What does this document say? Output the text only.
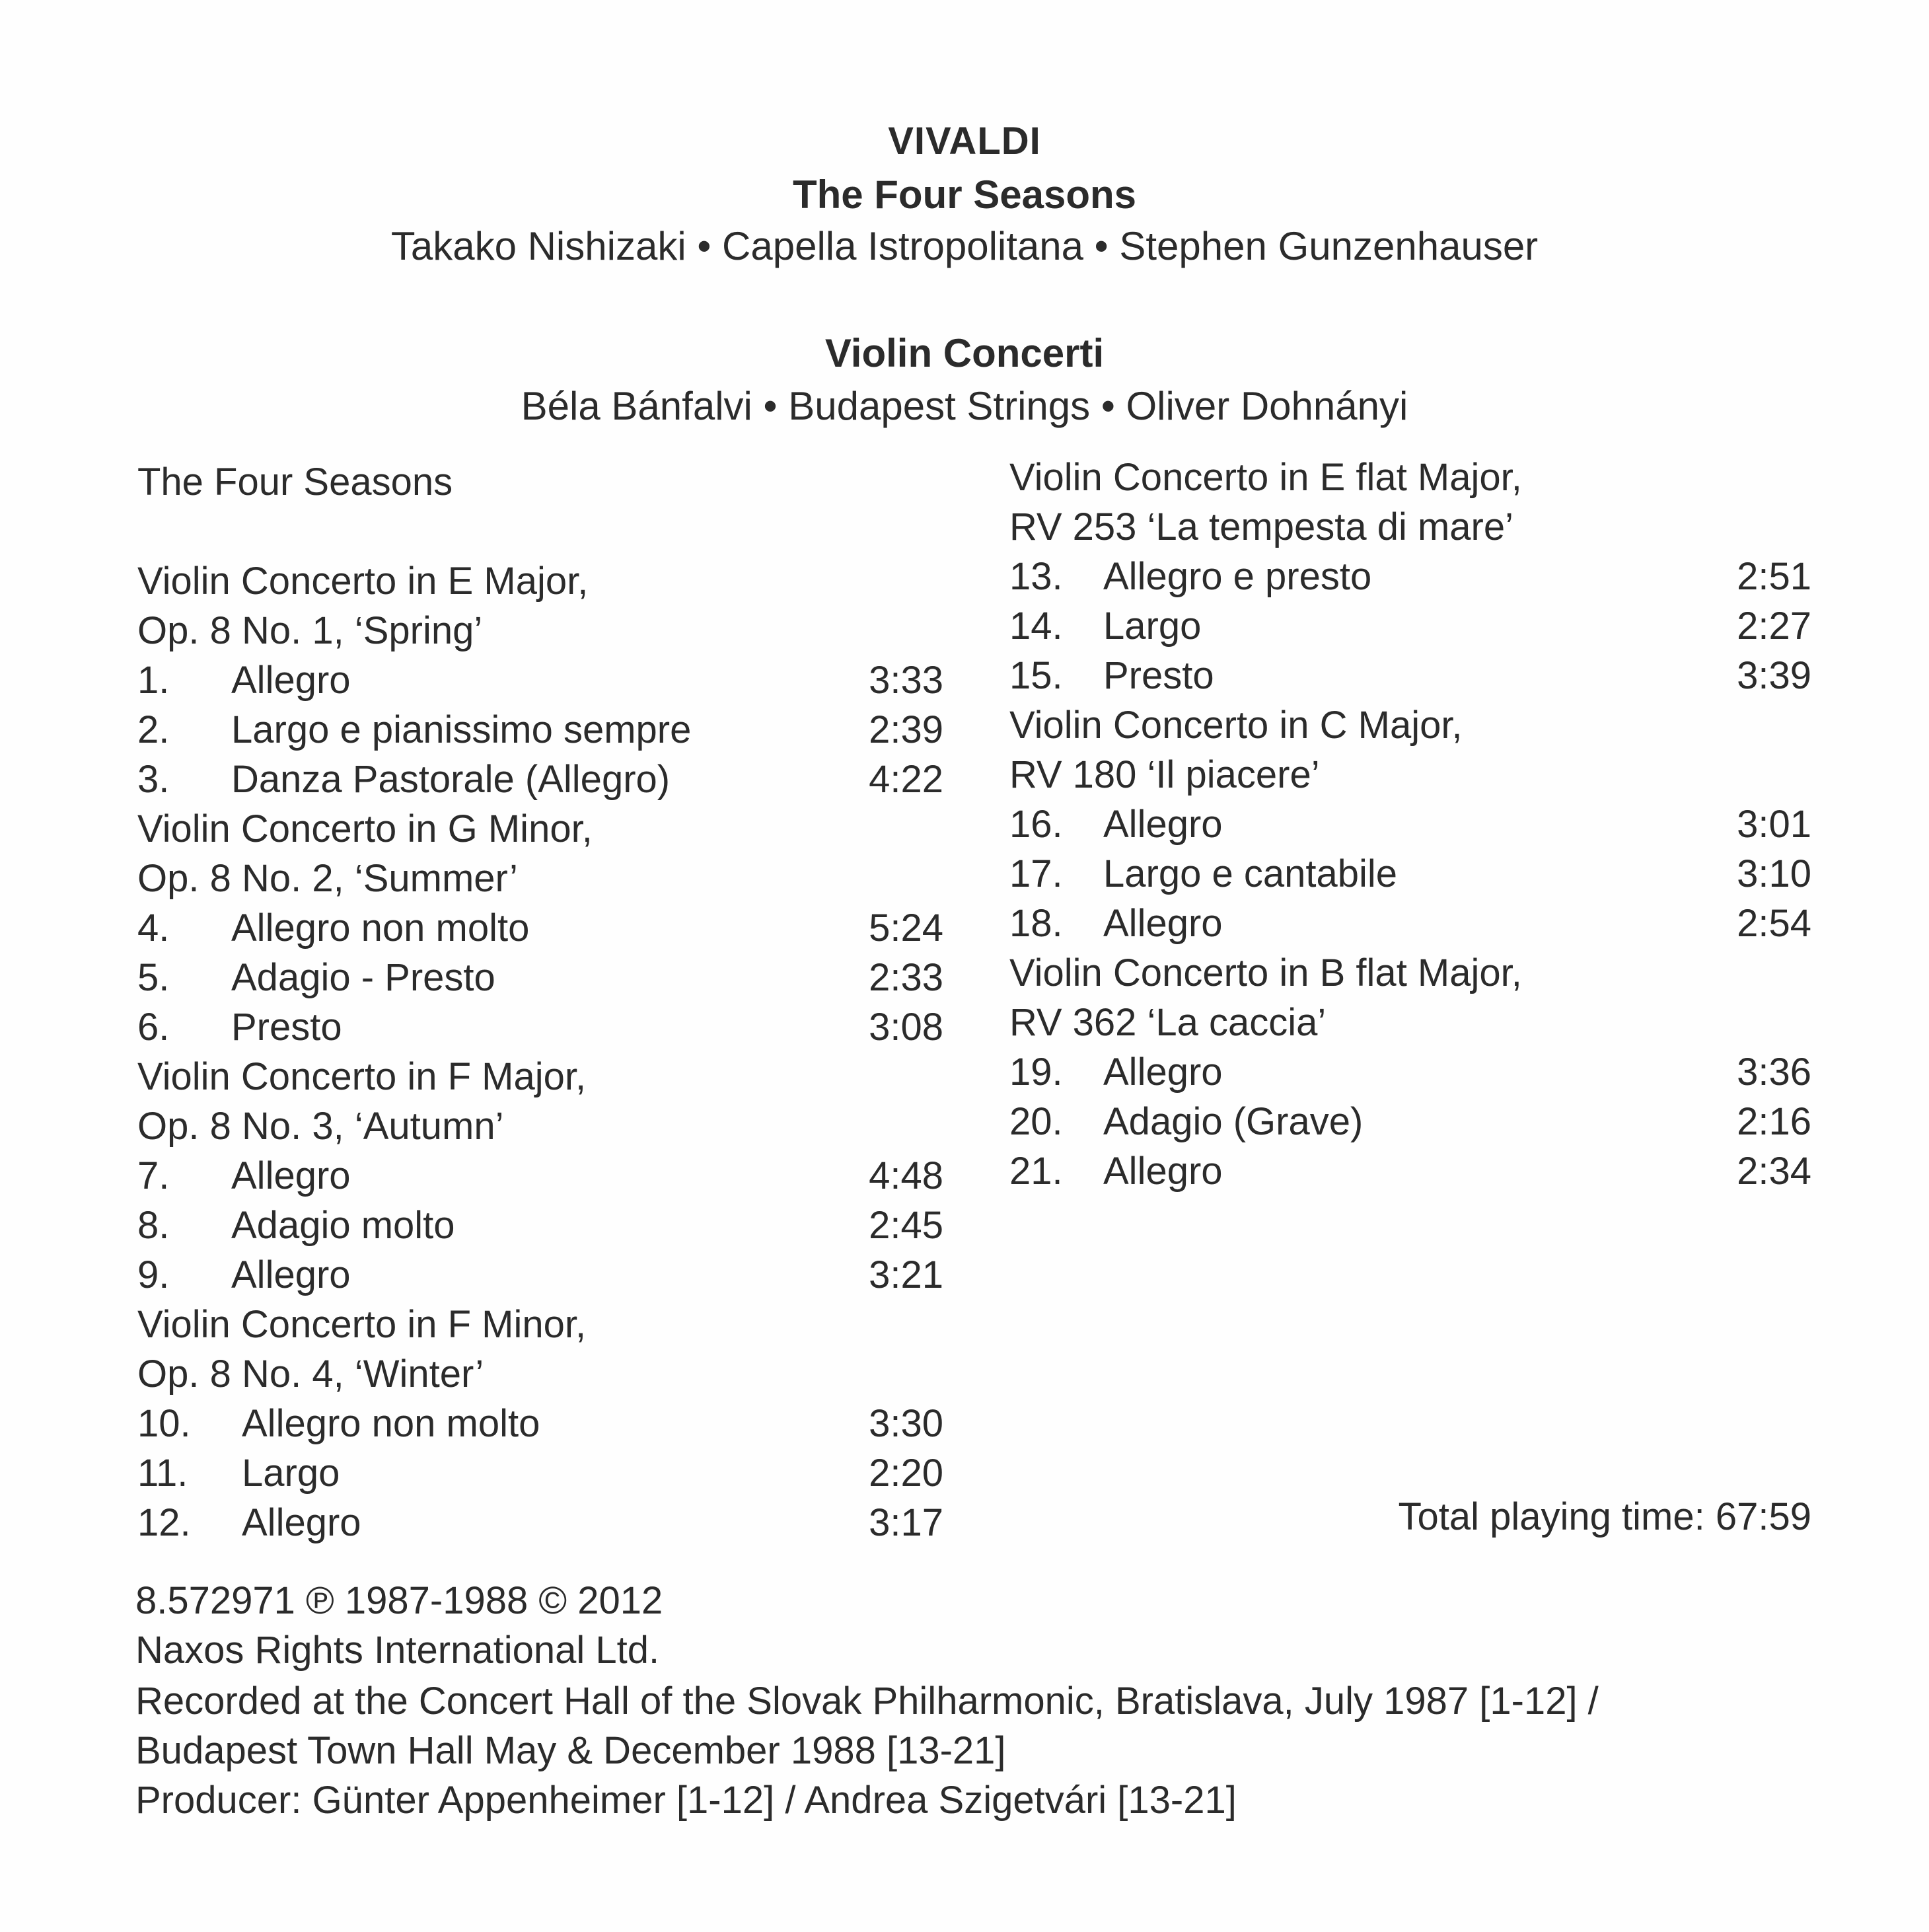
VIVALDI
The Four Seasons
Takako Nishizaki • Capella Istropolitana • Stephen Gunzenhauser
Violin Concerti
Béla Bánfalvi • Budapest Strings • Oliver Dohnányi
The Four Seasons
Violin Concerto in E Major,
Op. 8 No. 1, ‘Spring’
1. Allegro	3:33
2. Largo e pianissimo sempre	2:39
3. Danza Pastorale (Allegro)	4:22
Violin Concerto in G Minor,
Op. 8 No. 2, ‘Summer’
4. Allegro non molto	5:24
5. Adagio - Presto	2:33
6. Presto	3:08
Violin Concerto in F Major,
Op. 8 No. 3, ‘Autumn’
7. Allegro	4:48
8. Adagio molto	2:45
9. Allegro	3:21
Violin Concerto in F Minor,
Op. 8 No. 4, ‘Winter’
10. Allegro non molto	3:30
11. Largo	2:20
12. Allegro	3:17
Violin Concerto in E flat Major,
RV 253 ‘La tempesta di mare’
13. Allegro e presto	2:51
14. Largo	2:27
15. Presto	3:39
Violin Concerto in C Major,
RV 180 ‘Il piacere’
16. Allegro	3:01
17. Largo e cantabile	3:10
18. Allegro	2:54
Violin Concerto in B flat Major,
RV 362 ‘La caccia’
19. Allegro	3:36
20. Adagio (Grave)	2:16
21. Allegro	2:34
Total playing time: 67:59
8.572971 ℗ 1987-1988 © 2012
Naxos Rights International Ltd.
Recorded at the Concert Hall of the Slovak Philharmonic, Bratislava, July 1987 [1-12] /
Budapest Town Hall May & December 1988 [13-21]
Producer: Günter Appenheimer [1-12] / Andrea Szigetvári [13-21]
